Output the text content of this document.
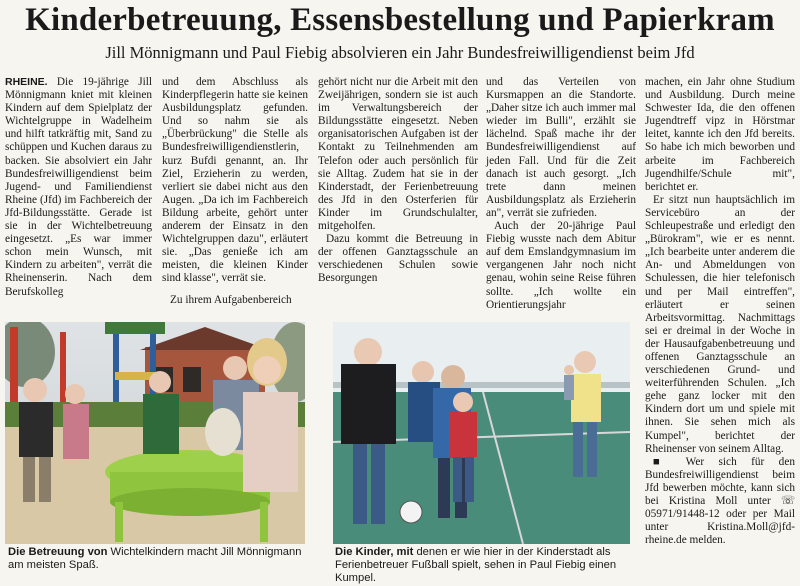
Kinderbetreuung, Essensbestellung und Papierkram
Jill Mönnigmann und Paul Fiebig absolvieren ein Jahr Bundesfreiwilligendienst beim Jfd

RHEINE. Die 19-jährige Jill Mönnigmann kniet mit kleinen Kindern auf dem Spielplatz der Wichtelgruppe in Wadelheim und hilft tatkräftig mit, Sand zu schüppen und Kuchen daraus zu backen. Sie absolviert ein Jahr Bundesfreiwilligendienst beim Jugend- und Familiendienst Rheine (Jfd) im Fachbereich der Jfd-Bildungsstätte. Gerade ist sie in der Wichtelbetreuung eingesetzt. „Es war immer schon mein Wunsch, mit Kindern zu arbeiten", verrät die Rheinenserin. Nach dem Berufskolleg

und dem Abschluss als Kinderpflegerin hatte sie keinen Ausbildungsplatz gefunden. Und so nahm sie als „Überbrückung" die Stelle als Bundesfreiwilligendienstlerin, kurz Bufdi genannt, an. Ihr Ziel, Erzieherin zu werden, verliert sie dabei nicht aus den Augen. „Da ich im Fachbereich Bildung arbeite, gehört unter anderem der Einsatz in den Wichtelgruppen dazu", erläutert sie. „Das genieße ich am meisten, die kleinen Kinder sind klasse", verrät sie.

Zu ihrem Aufgabenbereich

gehört nicht nur die Arbeit mit den Zweijährigen, sondern sie ist auch im Verwaltungsbereich der Bildungsstätte eingesetzt. Neben organisatorischen Aufgaben ist der Kontakt zu Teilnehmenden am Telefon oder auch persönlich für sie Alltag. Zudem hat sie in der Kinderstadt, der Ferienbetreuung des Jfd in den Osterferien für Kinder im Grundschulalter, mitgeholfen.

Dazu kommt die Betreuung in der offenen Ganztagsschule an verschiedenen Schulen sowie Besorgungen

und das Verteilen von Kursmappen an die Standorte. „Daher sitze ich auch immer mal wieder im Bulli", erzählt sie lächelnd. Spaß mache ihr der Bundesfreiwilligendienst auf jeden Fall. Und für die Zeit danach ist auch gesorgt. „Ich trete dann meinen Ausbildungsplatz als Erzieherin an", verrät sie zufrieden.

Auch der 20-jährige Paul Fiebig wusste nach dem Abitur auf dem Emslandgymnasium im vergangenen Jahr noch nicht genau, wohin seine Reise führen sollte. „Ich wollte ein Orientierungsjahr

machen, ein Jahr ohne Studium und Ausbildung. Durch meine Schwester Ida, die den offenen Jugendtreff vipz in Hörstmar leitet, kannte ich den Jfd bereits. So habe ich mich beworben und arbeite im Fachbereich Jugendhilfe/Schule mit", berichtet er.

Er sitzt nun hauptsächlich im Servicebüro an der Schleupestraße und erledigt den „Bürokram", wie er es nennt. „Ich bearbeite unter anderem die An- und Abmeldungen von Schulessen, die hier telefonisch und per Mail eintreffen", erläutert er seinen Arbeitsvormittag. Nachmittags sei er dreimal in der Woche in der Hausaufgabenbetreuung und offenen Ganztagsschule an verschiedenen Grund- und weiterführenden Schulen. „Ich gehe ganz locker mit den Kindern dort um und spiele mit ihnen. Sie sehen mich als Kumpel", berichtet der Rheinenser von seinem Alltag.

■ Wer sich für den Bundesfreiwilligendienst beim Jfd bewerben möchte, kann sich bei Kristina Moll unter ☏ 05971/91448-12 oder per Mail unter Kristina.Moll@jfd-rheine.de melden.

Die Betreuung von Wichtelkindern macht Jill Mönnigmann am meisten Spaß.
Die Kinder, mit denen er wie hier in der Kinderstadt als Ferienbetreuer Fußball spielt, sehen in Paul Fiebig einen Kumpel.
